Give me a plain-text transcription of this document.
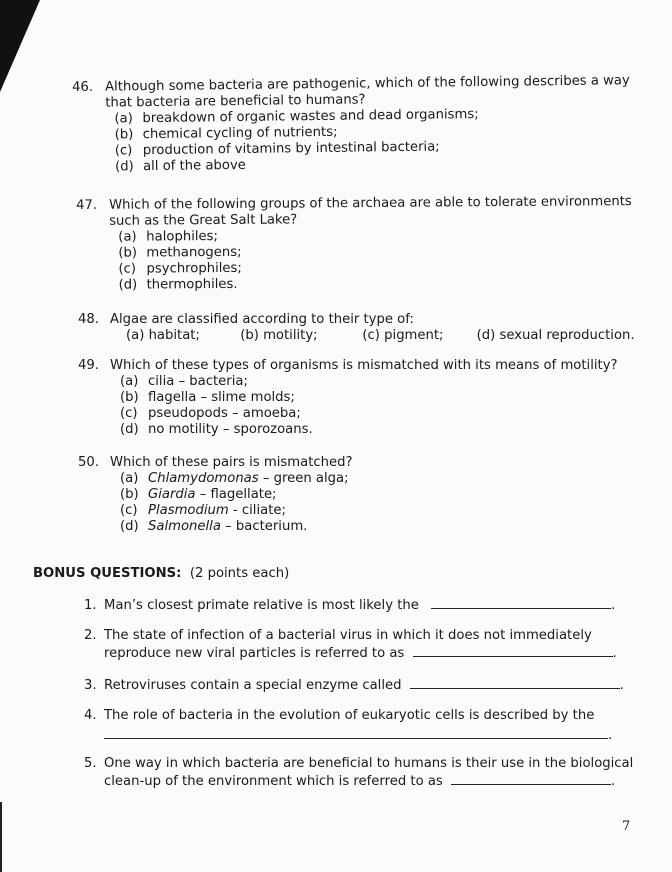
46. Although some bacteria are pathogenic, which of the following describes a way
that bacteria are beneficial to humans?
(a) breakdown of organic wastes and dead organisms;
(b) chemical cycling of nutrients;
(c) production of vitamins by intestinal bacteria;
(d) all of the above
47. Which of the following groups of the archaea are able to tolerate environments
such as the Great Salt Lake?
(a) halophiles;
(b) methanogens;
(c) psychrophiles;
(d) thermophiles.
48. Algae are classified according to their type of:
(a) habitat;	(b) motility;	(c) pigment;	(d) sexual reproduction.
49. Which of these types of organisms is mismatched with its means of motility?
(a) cilia – bacteria;
(b) flagella – slime molds;
(c) pseudopods – amoeba;
(d) no motility – sporozoans.
50. Which of these pairs is mismatched?
(a) Chlamydomonas – green alga;
(b) Giardia – flagellate;
(c) Plasmodium - ciliate;
(d) Salmonella – bacterium.
BONUS QUESTIONS: (2 points each)
1. Man’s closest primate relative is most likely the	.
2. The state of infection of a bacterial virus in which it does not immediately
reproduce new viral particles is referred to as	.
3. Retroviruses contain a special enzyme called	.
4. The role of bacteria in the evolution of eukaryotic cells is described by the
.
5. One way in which bacteria are beneficial to humans is their use in the biological
clean-up of the environment which is referred to as	.
7
